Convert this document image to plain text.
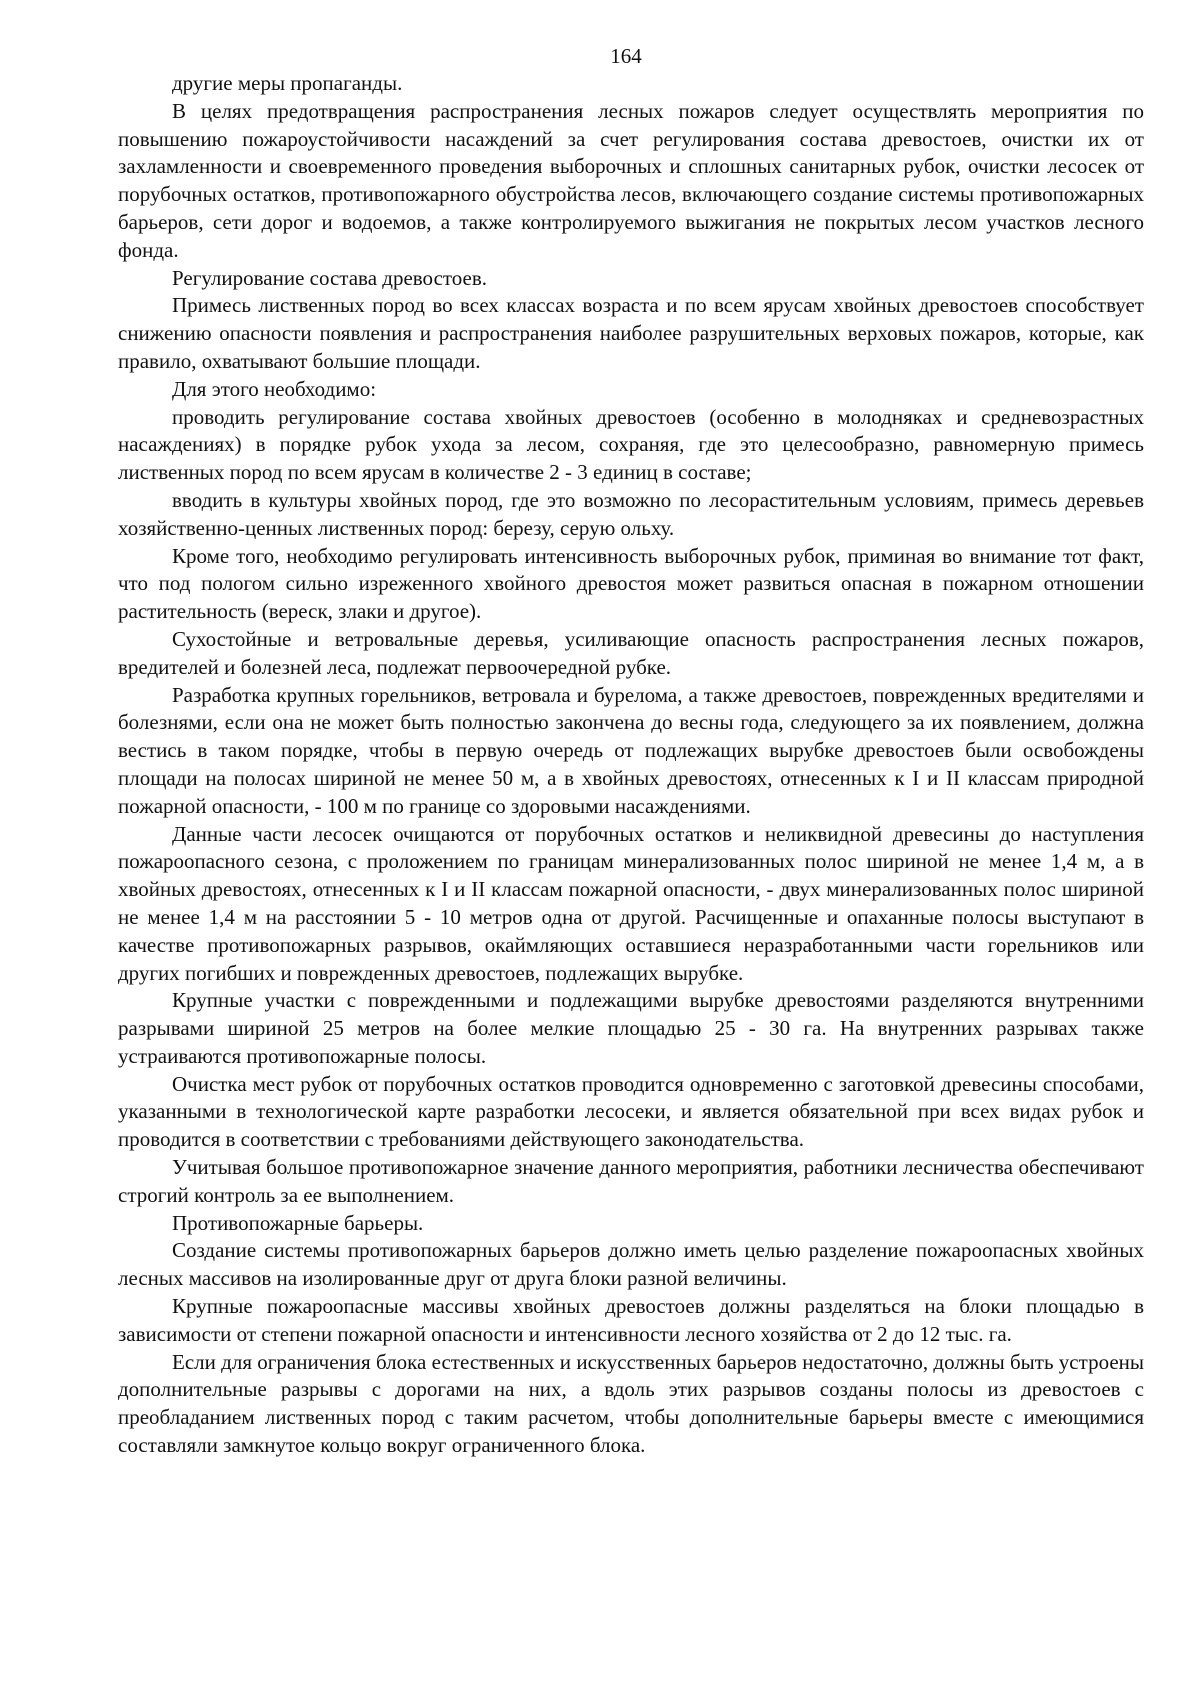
164

другие меры пропаганды.

В целях предотвращения распространения лесных пожаров следует осуществлять мероприятия по повышению пожароустойчивости насаждений за счет регулирования состава древостоев, очистки их от захламленности и своевременного проведения выборочных и сплошных санитарных рубок, очистки лесосек от порубочных остатков, противопожарного обустройства лесов, включающего создание системы противопожарных барьеров, сети дорог и водоемов, а также контролируемого выжигания не покрытых лесом участков лесного фонда.

Регулирование состава древостоев.

Примесь лиственных пород во всех классах возраста и по всем ярусам хвойных древостоев способствует снижению опасности появления и распространения наиболее разрушительных верховых пожаров, которые, как правило, охватывают большие площади.

Для этого необходимо:

проводить регулирование состава хвойных древостоев (особенно в молодняках и средневозрастных насаждениях) в порядке рубок ухода за лесом, сохраняя, где это целесообразно, равномерную примесь лиственных пород по всем ярусам в количестве 2 - 3 единиц в составе;

вводить в культуры хвойных пород, где это возможно по лесорастительным условиям, примесь деревьев хозяйственно-ценных лиственных пород: березу, серую ольху.

Кроме того, необходимо регулировать интенсивность выборочных рубок, приминая во внимание тот факт, что под пологом сильно изреженного хвойного древостоя может развиться опасная в пожарном отношении растительность (вереск, злаки и другое).

Сухостойные и ветровальные деревья, усиливающие опасность распространения лесных пожаров, вредителей и болезней леса, подлежат первоочередной рубке.

Разработка крупных горельников, ветровала и бурелома, а также древостоев, поврежденных вредителями и болезнями, если она не может быть полностью закончена до весны года, следующего за их появлением, должна вестись в таком порядке, чтобы в первую очередь от подлежащих вырубке древостоев были освобождены площади на полосах шириной не менее 50 м, а в хвойных древостоях, отнесенных к I и II классам природной пожарной опасности, - 100 м по границе со здоровыми насаждениями.

Данные части лесосек очищаются от порубочных остатков и неликвидной древесины до наступления пожароопасного сезона, с проложением по границам минерализованных полос шириной не менее 1,4 м, а в хвойных древостоях, отнесенных к I и II классам пожарной опасности, - двух минерализованных полос шириной не менее 1,4 м на расстоянии 5 - 10 метров одна от другой. Расчищенные и опаханные полосы выступают в качестве противопожарных разрывов, окаймляющих оставшиеся неразработанными части горельников или других погибших и поврежденных древостоев, подлежащих вырубке.

Крупные участки с поврежденными и подлежащими вырубке древостоями разделяются внутренними разрывами шириной 25 метров на более мелкие площадью 25 - 30 га. На внутренних разрывах также устраиваются противопожарные полосы.

Очистка мест рубок от порубочных остатков проводится одновременно с заготовкой древесины способами, указанными в технологической карте разработки лесосеки, и является обязательной при всех видах рубок и проводится в соответствии с требованиями действующего законодательства.

Учитывая большое противопожарное значение данного мероприятия, работники лесничества обеспечивают строгий контроль за ее выполнением.

Противопожарные барьеры.

Создание системы противопожарных барьеров должно иметь целью разделение пожароопасных хвойных лесных массивов на изолированные друг от друга блоки разной величины.

Крупные пожароопасные массивы хвойных древостоев должны разделяться на блоки площадью в зависимости от степени пожарной опасности и интенсивности лесного хозяйства от 2 до 12 тыс. га.

Если для ограничения блока естественных и искусственных барьеров недостаточно, должны быть устроены дополнительные разрывы с дорогами на них, а вдоль этих разрывов созданы полосы из древостоев с преобладанием лиственных пород с таким расчетом, чтобы дополнительные барьеры вместе с имеющимися составляли замкнутое кольцо вокруг ограниченного блока.
